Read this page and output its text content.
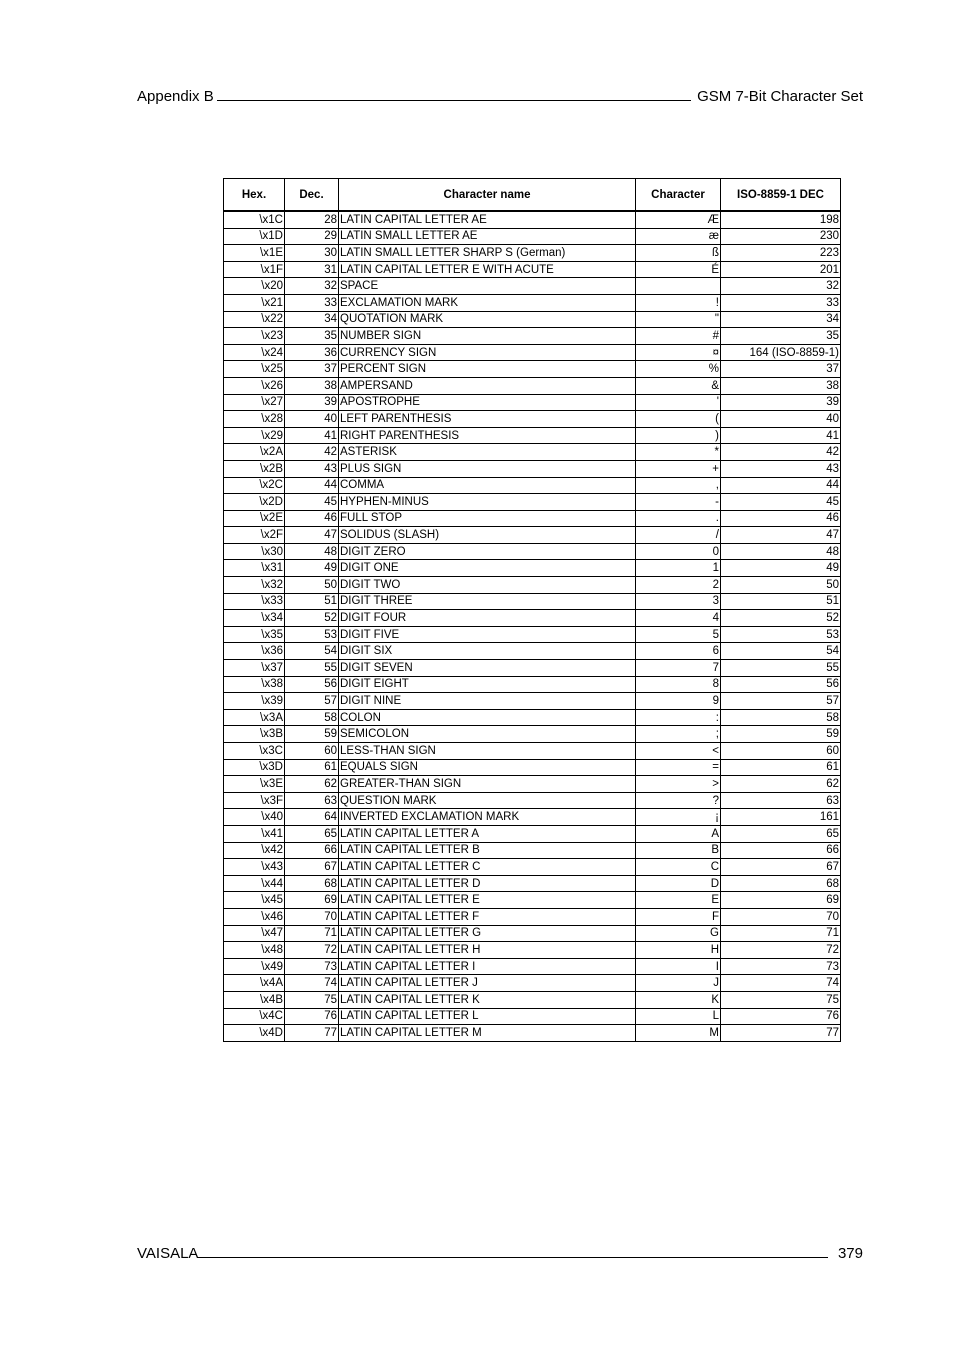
Appendix B	GSM 7-Bit Character Set
Hex.	Dec.	Character name	Character	ISO-8859-1 DEC
\x1C	28	LATIN CAPITAL LETTER AE	Æ	198
\x1D	29	LATIN SMALL LETTER AE	æ	230
\x1E	30	LATIN SMALL LETTER SHARP S (German)	ß	223
\x1F	31	LATIN CAPITAL LETTER E WITH ACUTE	É	201
\x20	32	SPACE		32
\x21	33	EXCLAMATION MARK	!	33
\x22	34	QUOTATION MARK	"	34
\x23	35	NUMBER SIGN	#	35
\x24	36	CURRENCY SIGN	¤	164 (ISO-8859-1)
\x25	37	PERCENT SIGN	%	37
\x26	38	AMPERSAND	&	38
\x27	39	APOSTROPHE	'	39
\x28	40	LEFT PARENTHESIS	(	40
\x29	41	RIGHT PARENTHESIS	)	41
\x2A	42	ASTERISK	*	42
\x2B	43	PLUS SIGN	+	43
\x2C	44	COMMA	,	44
\x2D	45	HYPHEN-MINUS	-	45
\x2E	46	FULL STOP	.	46
\x2F	47	SOLIDUS (SLASH)	/	47
\x30	48	DIGIT ZERO	0	48
\x31	49	DIGIT ONE	1	49
\x32	50	DIGIT TWO	2	50
\x33	51	DIGIT THREE	3	51
\x34	52	DIGIT FOUR	4	52
\x35	53	DIGIT FIVE	5	53
\x36	54	DIGIT SIX	6	54
\x37	55	DIGIT SEVEN	7	55
\x38	56	DIGIT EIGHT	8	56
\x39	57	DIGIT NINE	9	57
\x3A	58	COLON	:	58
\x3B	59	SEMICOLON	;	59
\x3C	60	LESS-THAN SIGN	<	60
\x3D	61	EQUALS SIGN	=	61
\x3E	62	GREATER-THAN SIGN	>	62
\x3F	63	QUESTION MARK	?	63
\x40	64	INVERTED EXCLAMATION MARK	¡	161
\x41	65	LATIN CAPITAL LETTER A	A	65
\x42	66	LATIN CAPITAL LETTER B	B	66
\x43	67	LATIN CAPITAL LETTER C	C	67
\x44	68	LATIN CAPITAL LETTER D	D	68
\x45	69	LATIN CAPITAL LETTER E	E	69
\x46	70	LATIN CAPITAL LETTER F	F	70
\x47	71	LATIN CAPITAL LETTER G	G	71
\x48	72	LATIN CAPITAL LETTER H	H	72
\x49	73	LATIN CAPITAL LETTER I	I	73
\x4A	74	LATIN CAPITAL LETTER J	J	74
\x4B	75	LATIN CAPITAL LETTER K	K	75
\x4C	76	LATIN CAPITAL LETTER L	L	76
\x4D	77	LATIN CAPITAL LETTER M	M	77
VAISALA	379
